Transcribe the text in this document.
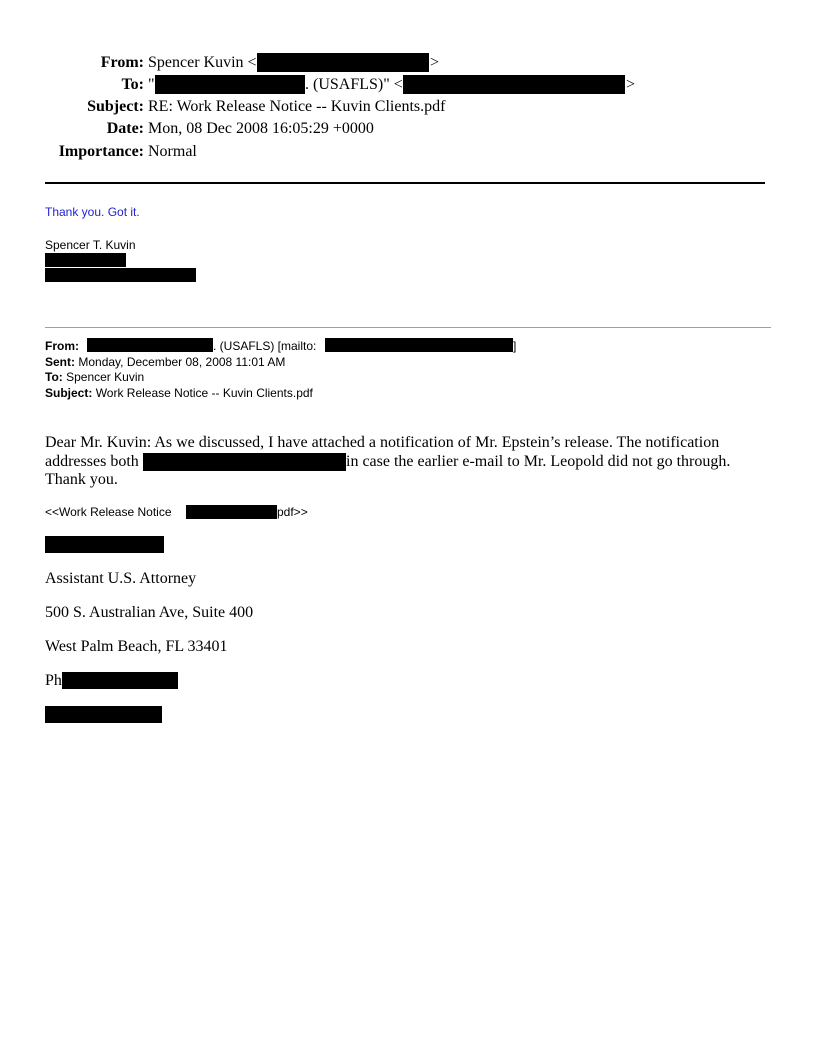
From: Spencer Kuvin <	>
To: "	. (USAFLS)" <	>
Subject: RE: Work Release Notice -- Kuvin Clients.pdf
Date: Mon, 08 Dec 2008 16:05:29 +0000
Importance: Normal
Thank you. Got it.
Spencer T. Kuvin
From:	. (USAFLS) [mailto:	]
Sent: Monday, December 08, 2008 11:01 AM
To: Spencer Kuvin
Subject: Work Release Notice -- Kuvin Clients.pdf
Dear Mr. Kuvin: As we discussed, I have attached a notification of Mr. Epstein’s release. The notification
addresses both	in case the earlier e-mail to Mr. Leopold did not go through.
Thank you.
<<Work Release Notice	pdf>>
Assistant U.S. Attorney
500 S. Australian Ave, Suite 400
West Palm Beach, FL 33401
Ph
